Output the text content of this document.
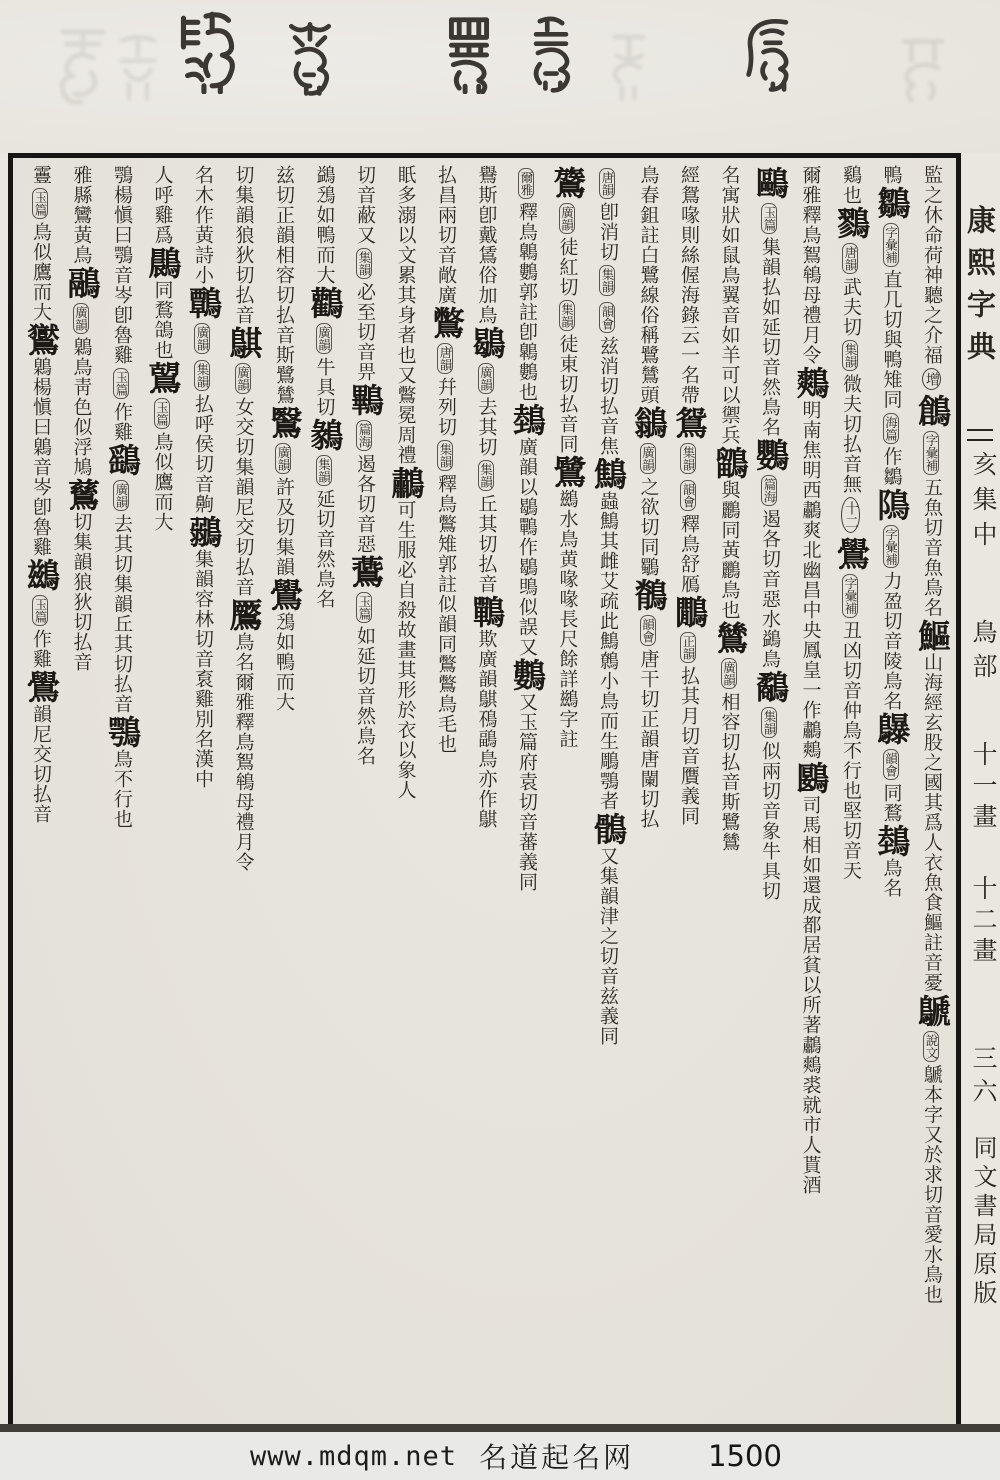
監之休命荷神聽之介福增鶬字彙補五魚切音魚鳥名鰸山海經玄股之國其爲人衣魚食鰸註音憂鷈說文鷈本字又於求切音愛水鳥也
鴨鶵字彙補直几切與鴨雉同海篇作鶵隝字彙補力盈切音陵鳥名鸔韻會同鶩鵱鳥名
鷄也鷚唐韻武夫切集韻微夫切払音無十二鷽字彙補丑凶切音仲鳥不行也堅切音天
爾雅釋鳥鴽鴾母禮月令鷞明南焦明西鷫爽北幽昌中央鳳皇一作鷫鷞鶠司馬相如還成都居貧以所著鷫鷞裘就市人貰酒
鷗玉篇集韻払如延切音然鳥名鸚篇海遏各切音惡水鷁鳥鷸集韻似兩切音象牛具切
名寓狀如鼠鳥翼音如羊可以禦兵鶹與鸝同黃鸝鳥也鷥廣韻相容切払音斯鷺鷥
經鴛喙則絲偓海錄云一名帶鴛集韻韻會釋鳥舒鴈鷳正韻払其月切音贋義同
鳥春鉏註白鷺線俗稱鷺鷥頭鶲廣韻之欲切同鸀鶺韻會唐干切正韻唐闌切払
唐韻卽消切集韻韻會兹消切払音焦鷦蟲鷦其雌艾疏此鷦鷯小鳥而生鵰鶚者鶻又集韻津之切音兹義同
鷟廣韻徒紅切集韻徒東切払音同鷺鷀水鳥黄喙喙長尺餘詳鷀字註
爾雅釋鳥鷱鷜郭註卽鷱鷜也鵱廣韻以鶡鷤作鶡鴠似誤又鷜又玉篇府袁切音蕃義同
鸒斯卽戴鵀俗加鳥鶡廣韻去其切集韻丘其切払音鷤欺廣韻鶀鴀鶝鳥亦作鶀
払昌兩切音敞廣鷩唐韻幷列切集韻釋鳥鷩雉郭註似韻同鷩鷩鳥毛也
眂多溺以文累其身者也又鷩冕周禮鷫可生服必自殺故畫其形於衣以象人
切音蔽又集韻必至切音畀鷝篇海遏各切音惡鷰玉篇如延切音然鳥名
鷁鴔如鴨而大鸛廣韻牛具切鶨集韻延切音然鳥名
兹切正韻相容切払音斯鷺鷥鷖廣韻許及切集韻鷽鴔如鴨而大
切集韻狼狄切払音鶀廣韻女交切集韻尼交切払音鷢鳥名爾雅釋鳥鴽鴾母禮月令
名木作黃詩小鷣廣韻集韻払呼侯切音齁鶸集韻容林切音袬雞別名漢中
人呼雞爲鷐同鶩鴿也鶦玉篇鳥似鷹而大
鶚楊愼曰鶚音岑卽魯雞玉篇作雞鷂廣韻去其切集韻丘其切払音鶚鳥不行也
雅縣鸞黃鳥鷊廣韻鷍鳥靑色似浮鳩鶿切集韻狼狄切払音
霻玉篇鳥似鷹而大鸑鷍楊愼曰鷍音岑卽魯雞鷀玉篇作雞鷽韻尼交切払音
康熙字典
亥集中
鳥部
十一畫
十二畫
三六
同文書局原版
www.mdqm.net 名道起名网	1500
